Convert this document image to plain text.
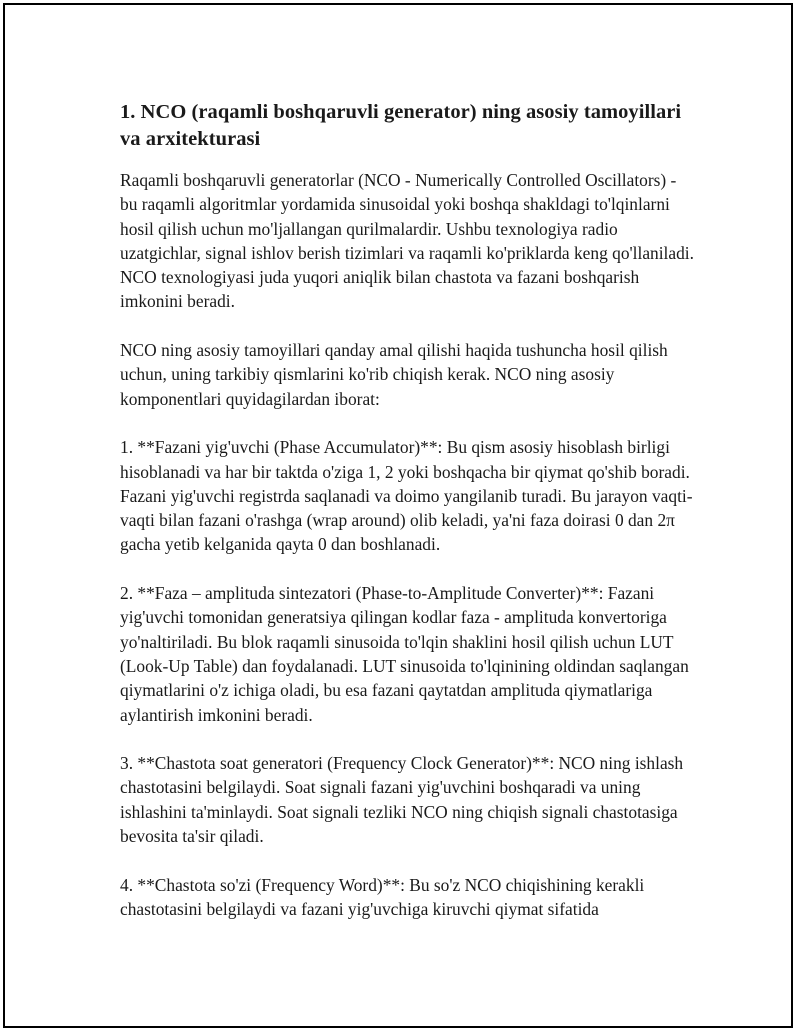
1. NCO (raqamli boshqaruvli generator) ning asosiy tamoyillari va arxitekturasi

Raqamli boshqaruvli generatorlar (NCO - Numerically Controlled Oscillators) - bu raqamli algoritmlar yordamida sinusoidal yoki boshqa shakldagi to'lqinlarni hosil qilish uchun mo'ljallangan qurilmalardir. Ushbu texnologiya radio uzatgichlar, signal ishlov berish tizimlari va raqamli ko'priklarda keng qo'llaniladi. NCO texnologiyasi juda yuqori aniqlik bilan chastota va fazani boshqarish imkonini beradi.

NCO ning asosiy tamoyillari qanday amal qilishi haqida tushuncha hosil qilish uchun, uning tarkibiy qismlarini ko'rib chiqish kerak. NCO ning asosiy komponentlari quyidagilardan iborat:

1. **Fazani yig'uvchi (Phase Accumulator)**: Bu qism asosiy hisoblash birligi hisoblanadi va har bir taktda o'ziga 1, 2 yoki boshqacha bir qiymat qo'shib boradi. Fazani yig'uvchi registrda saqlanadi va doimo yangilanib turadi. Bu jarayon vaqti-vaqti bilan fazani o'rashga (wrap around) olib keladi, ya'ni faza doirasi 0 dan 2π gacha yetib kelganida qayta 0 dan boshlanadi.

2. **Faza – amplituda sintezatori (Phase-to-Amplitude Converter)**: Fazani yig'uvchi tomonidan generatsiya qilingan kodlar faza - amplituda konvertoriga yo'naltiriladi. Bu blok raqamli sinusoida to'lqin shaklini hosil qilish uchun LUT (Look-Up Table) dan foydalanadi. LUT sinusoida to'lqinining oldindan saqlangan qiymatlarini o'z ichiga oladi, bu esa fazani qaytatdan amplituda qiymatlariga aylantirish imkonini beradi.

3. **Chastota soat generatori (Frequency Clock Generator)**: NCO ning ishlash chastotasini belgilaydi. Soat signali fazani yig'uvchini boshqaradi va uning ishlashini ta'minlaydi. Soat signali tezliki NCO ning chiqish signali chastotasiga bevosita ta'sir qiladi.

4. **Chastota so'zi (Frequency Word)**: Bu so'z NCO chiqishining kerakli chastotasini belgilaydi va fazani yig'uvchiga kiruvchi qiymat sifatida
